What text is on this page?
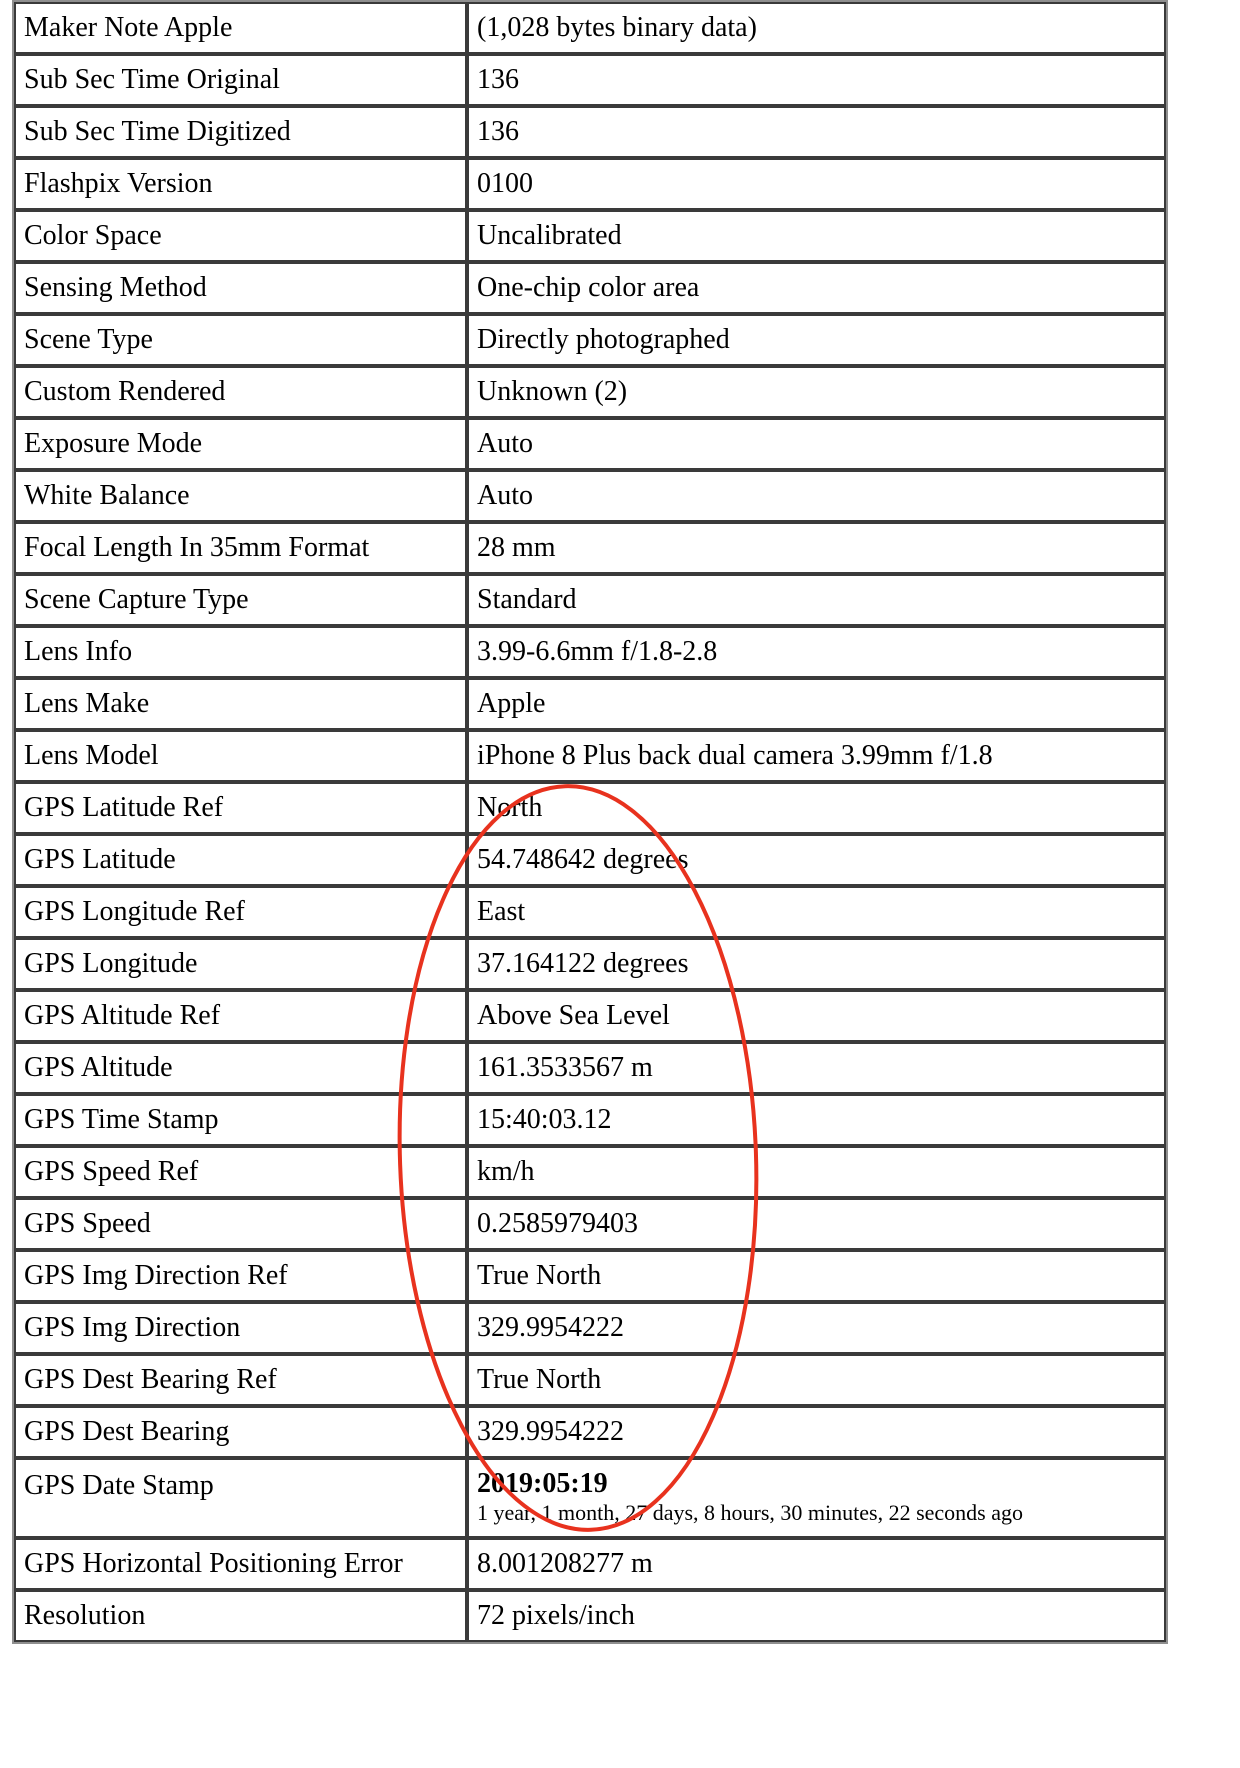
Maker Note Apple	(1,028 bytes binary data)
Sub Sec Time Original	136
Sub Sec Time Digitized	136
Flashpix Version	0100
Color Space	Uncalibrated
Sensing Method	One-chip color area
Scene Type	Directly photographed
Custom Rendered	Unknown (2)
Exposure Mode	Auto
White Balance	Auto
Focal Length In 35mm Format	28 mm
Scene Capture Type	Standard
Lens Info	3.99-6.6mm f/1.8-2.8
Lens Make	Apple
Lens Model	iPhone 8 Plus back dual camera 3.99mm f/1.8
GPS Latitude Ref	North
GPS Latitude	54.748642 degrees
GPS Longitude Ref	East
GPS Longitude	37.164122 degrees
GPS Altitude Ref	Above Sea Level
GPS Altitude	161.3533567 m
GPS Time Stamp	15:40:03.12
GPS Speed Ref	km/h
GPS Speed	0.2585979403
GPS Img Direction Ref	True North
GPS Img Direction	329.9954222
GPS Dest Bearing Ref	True North
GPS Dest Bearing	329.9954222
GPS Date Stamp	2019:05:19
1 year, 1 month, 27 days, 8 hours, 30 minutes, 22 seconds ago

GPS Horizontal Positioning Error	8.001208277 m
Resolution	72 pixels/inch
